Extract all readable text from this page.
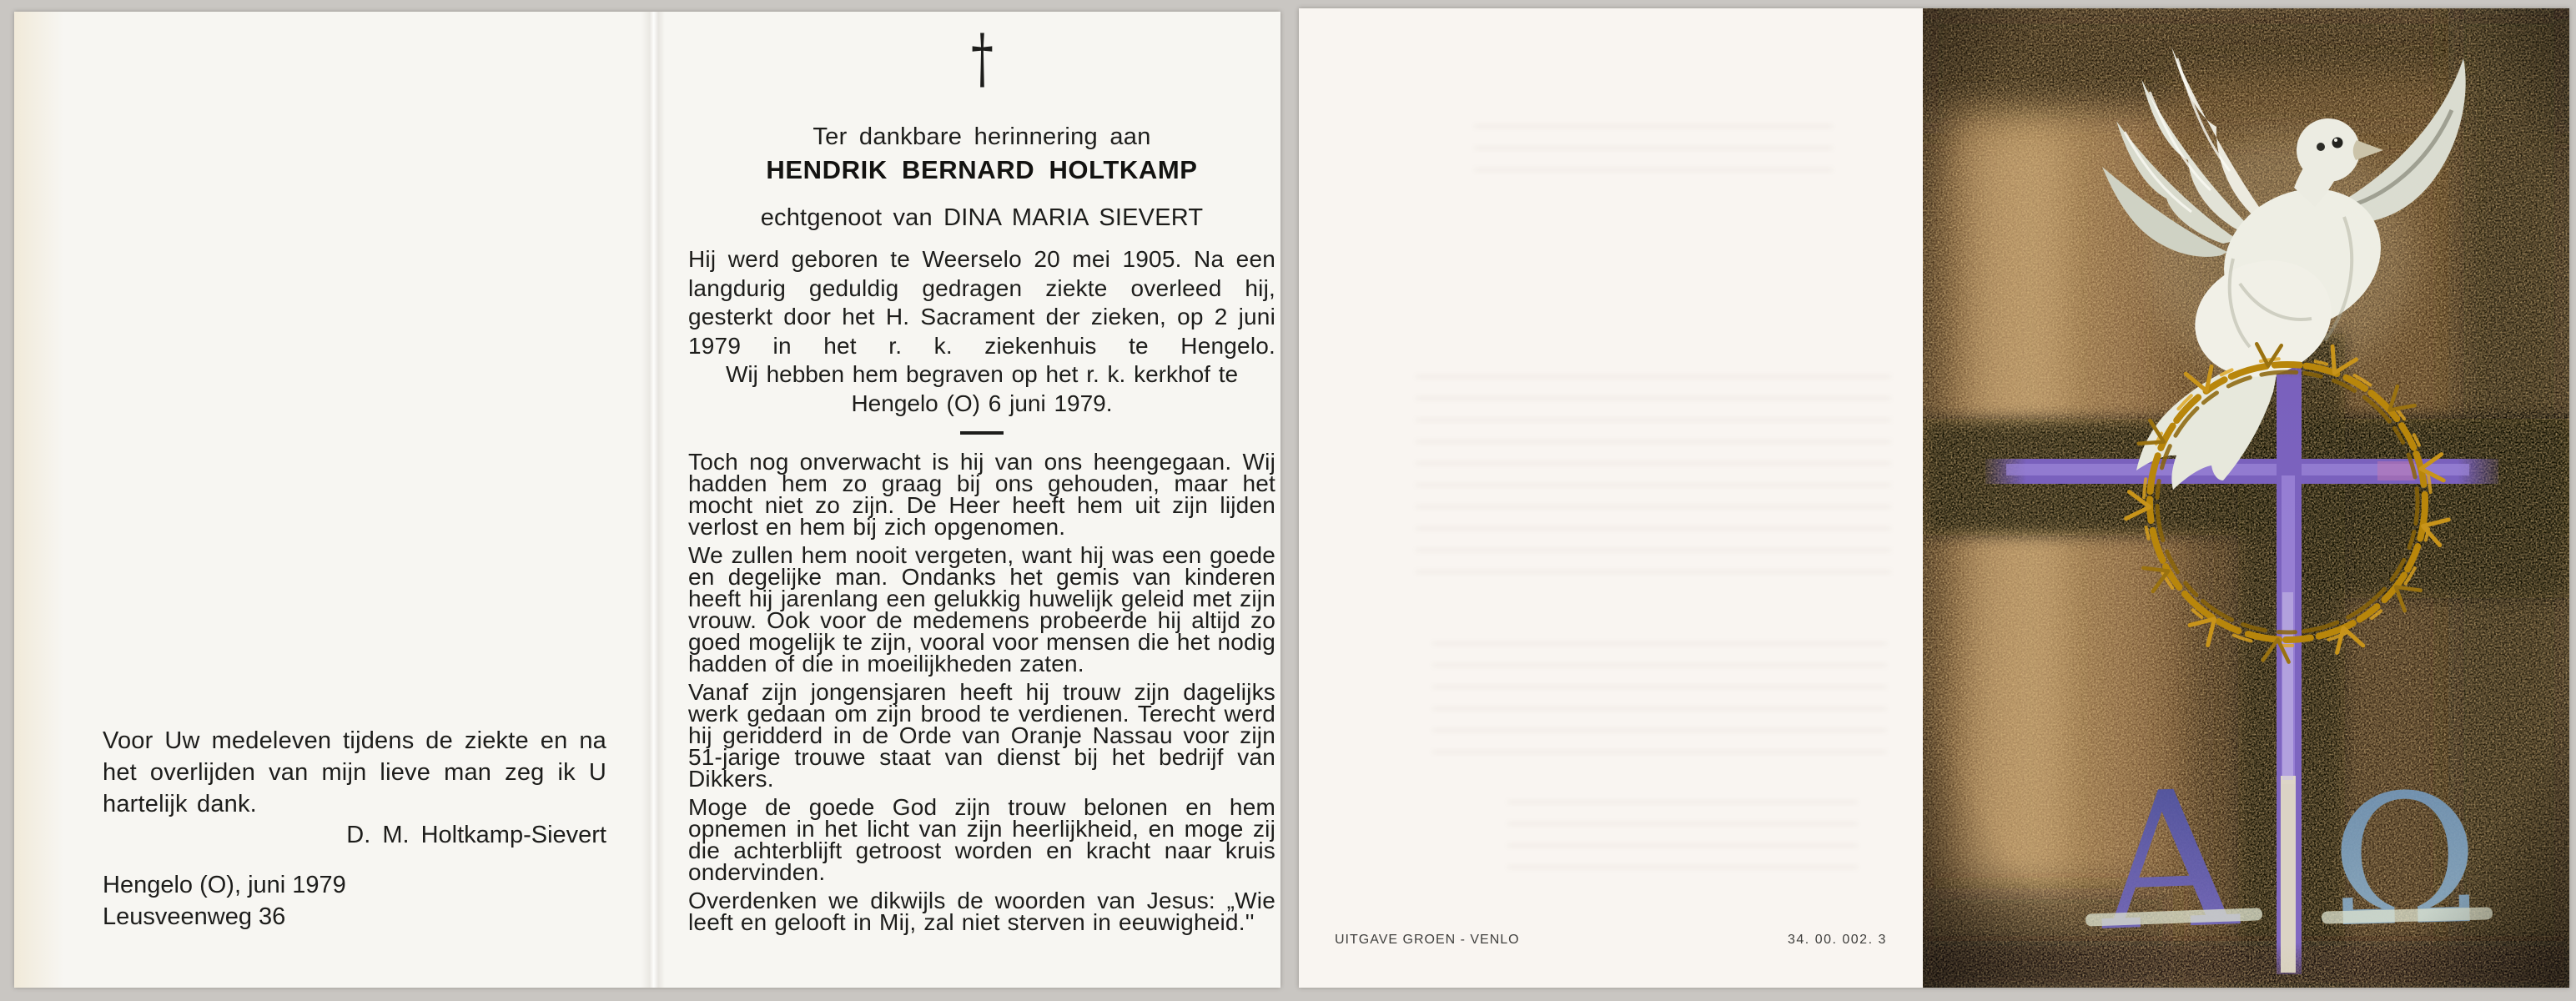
Voor Uw medeleven tijdens de ziekte en na het overlijden van mijn lieve man zeg ik U hartelijk dank.

D. M. Holtkamp-Sievert
Hengelo (O), juni 1979
Leusveenweg 36
†
Ter dankbare herinnering aan
HENDRIK BERNARD HOLTKAMP
echtgenoot van DINA MARIA SIEVERT

Hij werd geboren te Weerselo 20 mei 1905. Na een langdurig geduldig gedragen ziekte overleed hij, gesterkt door het H. Sacrament der zieken, op 2 juni 1979 in het r. k. ziekenhuis te Hengelo.

Wij hebben hem begraven op het r. k. kerkhof te Hengelo (O) 6 juni 1979.

Toch nog onverwacht is hij van ons heengegaan. Wij hadden hem zo graag bij ons gehouden, maar het mocht niet zo zijn. De Heer heeft hem uit zijn lijden verlost en hem bij zich opgenomen.

We zullen hem nooit vergeten, want hij was een goede en degelijke man. Ondanks het gemis van kinderen heeft hij jarenlang een gelukkig huwelijk geleid met zijn vrouw. Ook voor de medemens probeerde hij altijd zo goed mogelijk te zijn, vooral voor mensen die het nodig hadden of die in moeilijkheden zaten.

Vanaf zijn jongensjaren heeft hij trouw zijn dagelijks werk gedaan om zijn brood te verdienen. Terecht werd hij geridderd in de Orde van Oranje Nassau voor zijn 51-jarige trouwe staat van dienst bij het bedrijf van Dikkers.

Moge de goede God zijn trouw belonen en hem opnemen in het licht van zijn heerlijkheid, en moge zij die achterblijft getroost worden en kracht naar kruis ondervinden.

Overdenken we dikwijls de woorden van Jesus: „Wie leeft en gelooft in Mij, zal niet sterven in eeuwigheid.''

UITGAVE GROEN - VENLO	34. 00. 002. 3
